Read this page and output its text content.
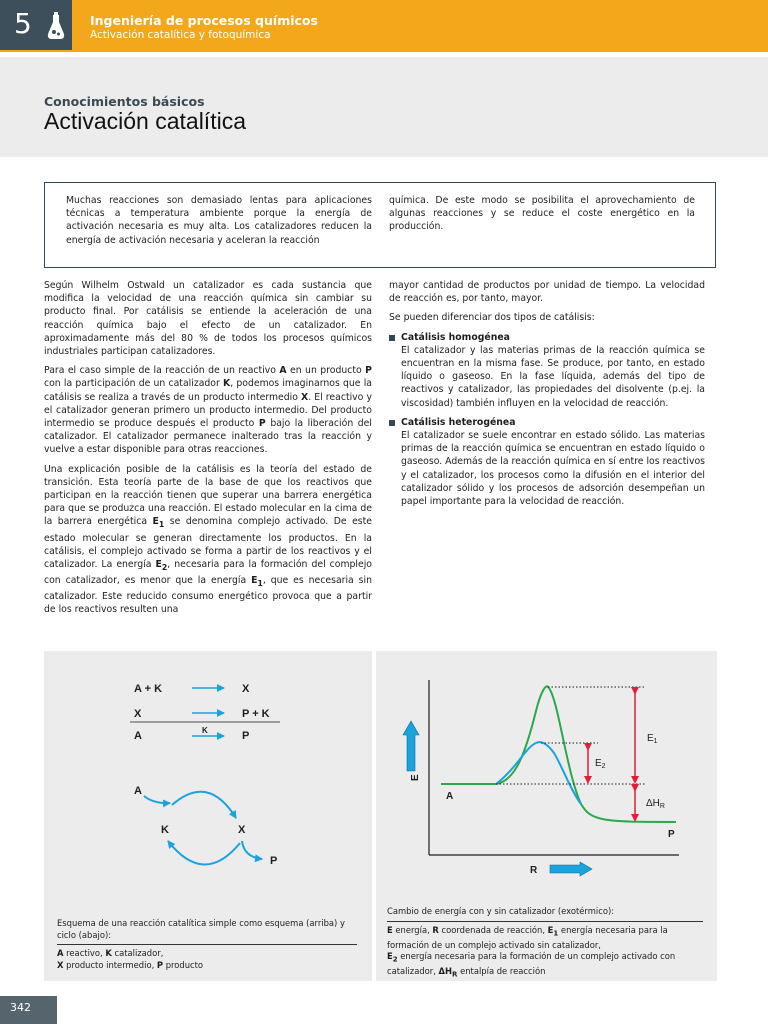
5	Ingeniería de procesos químicos
Activación catalítica y fotoquímica
Conocimientos básicos
Activación catalítica

Muchas reacciones son demasiado lentas para aplicaciones técnicas a temperatura ambiente porque la energía de activación necesaria es muy alta. Los catalizadores reducen la energía de activación necesaria y aceleran la reacción

química. De este modo se posibilita el aprovechamiento de algunas reacciones y se reduce el coste energético en la producción.

Según Wilhelm Ostwald un catalizador es cada sustancia que modifica la velocidad de una reacción química sin cambiar su producto final. Por catálisis se entiende la aceleración de una reacción química bajo el efecto de un catalizador. En aproximadamente más del 80 % de todos los procesos químicos industriales participan catalizadores.

Para el caso simple de la reacción de un reactivo A en un producto P con la participación de un catalizador K, podemos imaginarnos que la catálisis se realiza a través de un producto intermedio X. El reactivo y el catalizador generan primero un producto intermedio. Del producto intermedio se produce después el producto P bajo la liberación del catalizador. El catalizador permanece inalterado tras la reacción y vuelve a estar disponible para otras reacciones.

Una explicación posible de la catálisis es la teoría del estado de transición. Esta teoría parte de la base de que los reactivos que participan en la reacción tienen que superar una barrera energética para que se produzca una reacción. El estado molecular en la cima de la barrera energética $E_1$ se denomina complejo activado. De este estado molecular se generan directamente los productos. En la catálisis, el complejo activado se forma a partir de los reactivos y el catalizador. La energía $E_2$, necesaria para la formación del complejo con catalizador, es menor que la energía $E_1$, que es necesaria sin catalizador. Este reducido consumo energético provoca que a partir de los reactivos resulten una

mayor cantidad de productos por unidad de tiempo. La velocidad de reacción es, por tanto, mayor.

Se pueden diferenciar dos tipos de catálisis:

Catálisis homogénea
El catalizador y las materias primas de la reacción química se encuentran en la misma fase. Se produce, por tanto, en estado líquido o gaseoso. En la fase líquida, además del tipo de reactivos y catalizador, las propiedades del disolvente (p.ej. la viscosidad) también influyen en la velocidad de reacción.
Catálisis heterogénea
El catalizador se suele encontrar en estado sólido. Las materias primas de la reacción química se encuentran en estado líquido o gaseoso. Además de la reacción química en sí entre los reactivos y el catalizador, los procesos como la difusión en el interior del catalizador sólido y los procesos de adsorción desempeñan un papel importante para la velocidad de reacción.
A + K	X
X	P + K
A	P
A
K	X
P
K
Esquema de una reacción catalítica simple como esquema (arriba) y ciclo (abajo):
A reactivo, K catalizador,
X producto intermedio, P producto
E
A
P
R
$E_1$
$E_2$
$\Delta H_R$
Cambio de energía con y sin catalizador (exotérmico):
E energía, R coordenada de reacción, $E_1$ energía necesaria para la formación de un complejo activado sin catalizador,
$E_2$ energía necesaria para la formación de un complejo activado con catalizador, $\Delta H_R$ entalpía de reacción
342
